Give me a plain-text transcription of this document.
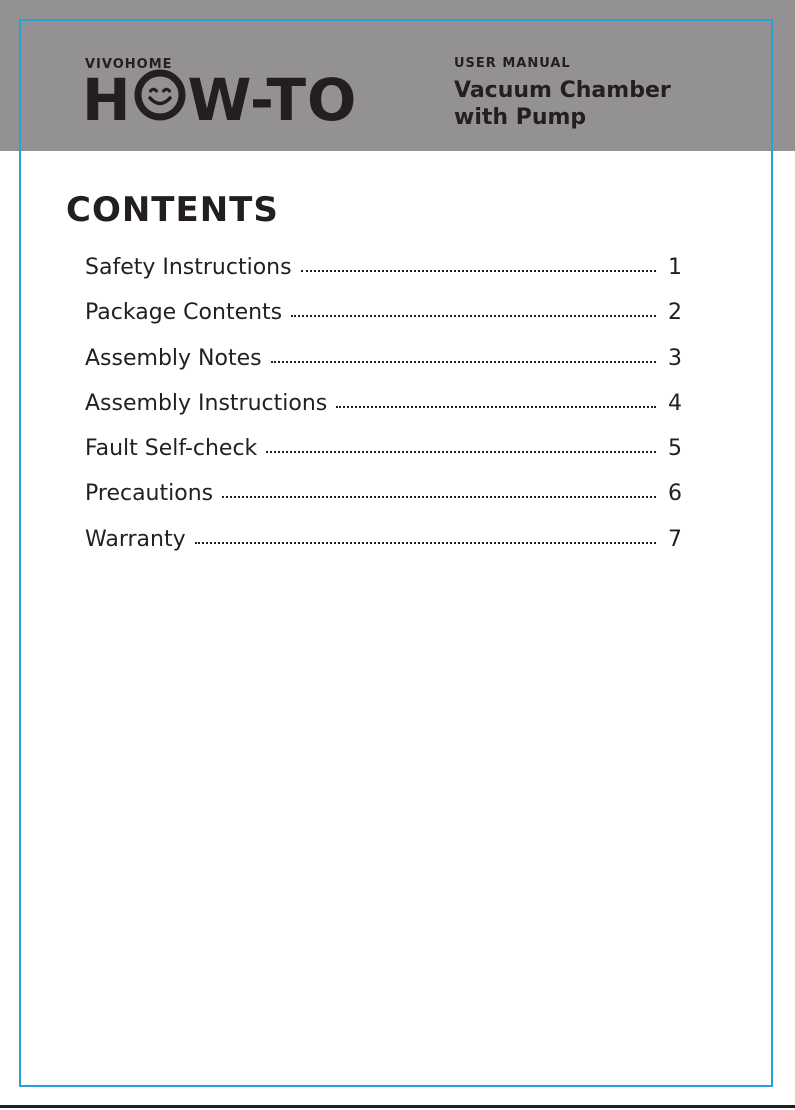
VIVOHOME
H W-TO
USER MANUAL
Vacuum Chamber
with Pump
CONTENTS
Safety Instructions	1
Package Contents	2
Assembly Notes	3
Assembly Instructions	4
Fault Self-check	5
Precautions	6
Warranty	7
